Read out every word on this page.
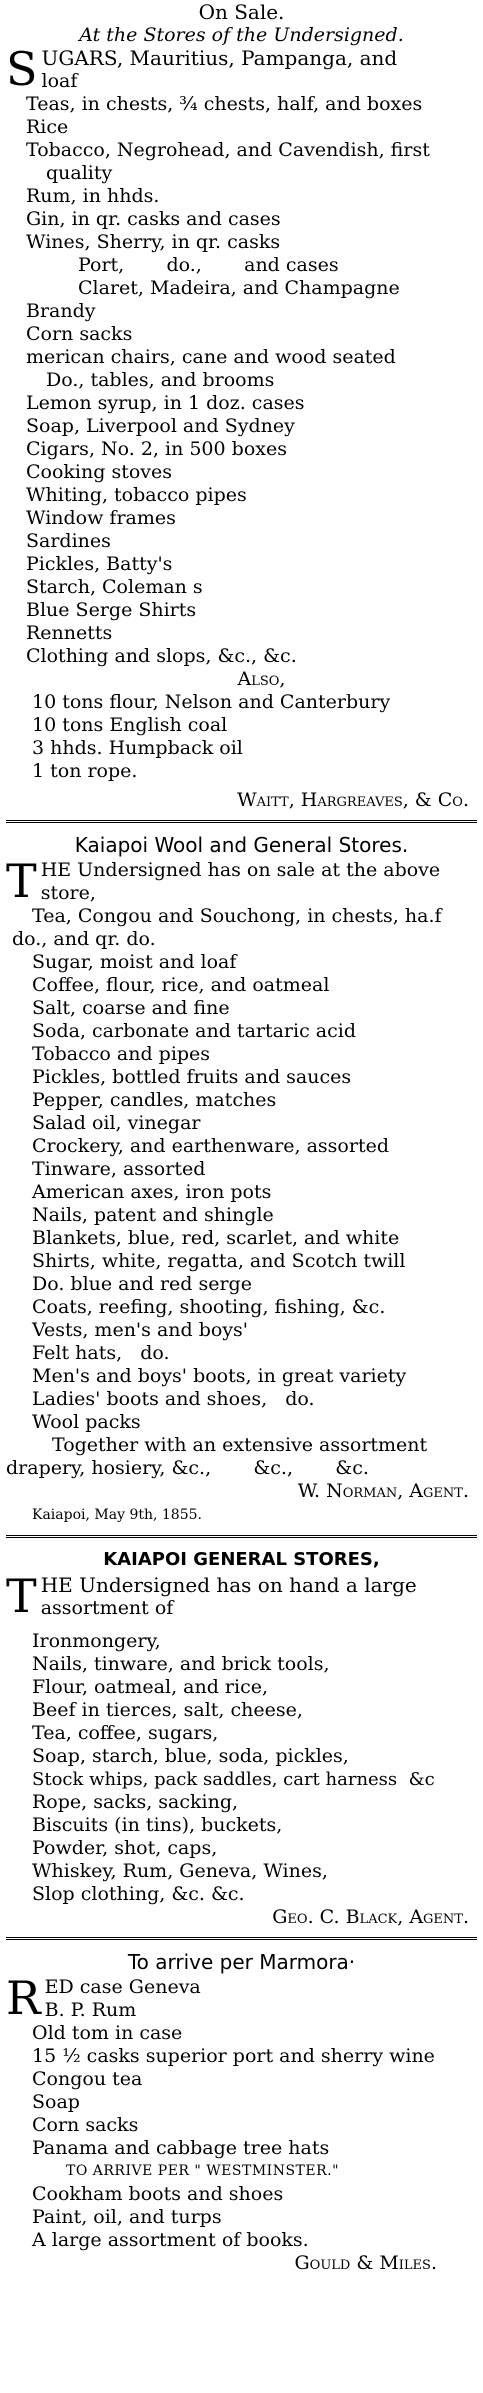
On Sale.
At the Stores of the Undersigned.
S UGARS, Mauritius, Pampanga, and
loaf
Teas, in chests, ¾ chests, half, and boxes
Rice
Tobacco, Negrohead, and Cavendish, first
quality
Rum, in hhds.
Gin, in qr. casks and cases
Wines, Sherry, in qr. casks
Port,       do.,       and cases
Claret, Madeira, and Champagne
Brandy
Corn sacks
merican chairs, cane and wood seated
Do., tables, and brooms
Lemon syrup, in 1 doz. cases
Soap, Liverpool and Sydney
Cigars, No. 2, in 500 boxes
Cooking stoves
Whiting, tobacco pipes
Window frames
Sardines
Pickles, Batty's
Starch, Coleman s
Blue Serge Shirts
Rennetts
Clothing and slops, &c., &c.
Also,
10 tons flour, Nelson and Canterbury
10 tons English coal
3 hhds. Humpback oil
1 ton rope.
Waitt, Hargreaves, & Co.
Kaiapoi Wool and General Stores.
T HE Undersigned has on sale at the above
store,
Tea, Congou and Souchong, in chests, ha.f
do., and qr. do.
Sugar, moist and loaf
Coffee, flour, rice, and oatmeal
Salt, coarse and fine
Soda, carbonate and tartaric acid
Tobacco and pipes
Pickles, bottled fruits and sauces
Pepper, candles, matches
Salad oil, vinegar
Crockery, and earthenware, assorted
Tinware, assorted
American axes, iron pots
Nails, patent and shingle
Blankets, blue, red, scarlet, and white
Shirts, white, regatta, and Scotch twill
Do. blue and red serge
Coats, reefing, shooting, fishing, &c.
Vests, men's and boys'
Felt hats,   do.
Men's and boys' boots, in great variety
Ladies' boots and shoes,   do.
Wool packs
Together with an extensive assortment
drapery, hosiery, &c.,       &c.,       &c.
W. Norman, Agent.
Kaiapoi, May 9th, 1855.
KAIAPOI GENERAL STORES,
T HE Undersigned has on hand a large
assortment of
Ironmongery,
Nails, tinware, and brick tools,
Flour, oatmeal, and rice,
Beef in tierces, salt, cheese,
Tea, coffee, sugars,
Soap, starch, blue, soda, pickles,
Stock whips, pack saddles, cart harness  &c
Rope, sacks, sacking,
Biscuits (in tins), buckets,
Powder, shot, caps,
Whiskey, Rum, Geneva, Wines,
Slop clothing, &c. &c.
Geo. C. Black, Agent.
To arrive per Marmora·
R ED case Geneva
B. P. Rum
Old tom in case
15 ½ casks superior port and sherry wine
Congou tea
Soap
Corn sacks
Panama and cabbage tree hats
TO ARRIVE PER " WESTMINSTER."
Cookham boots and shoes
Paint, oil, and turps
A large assortment of books.
Gould & Miles.
